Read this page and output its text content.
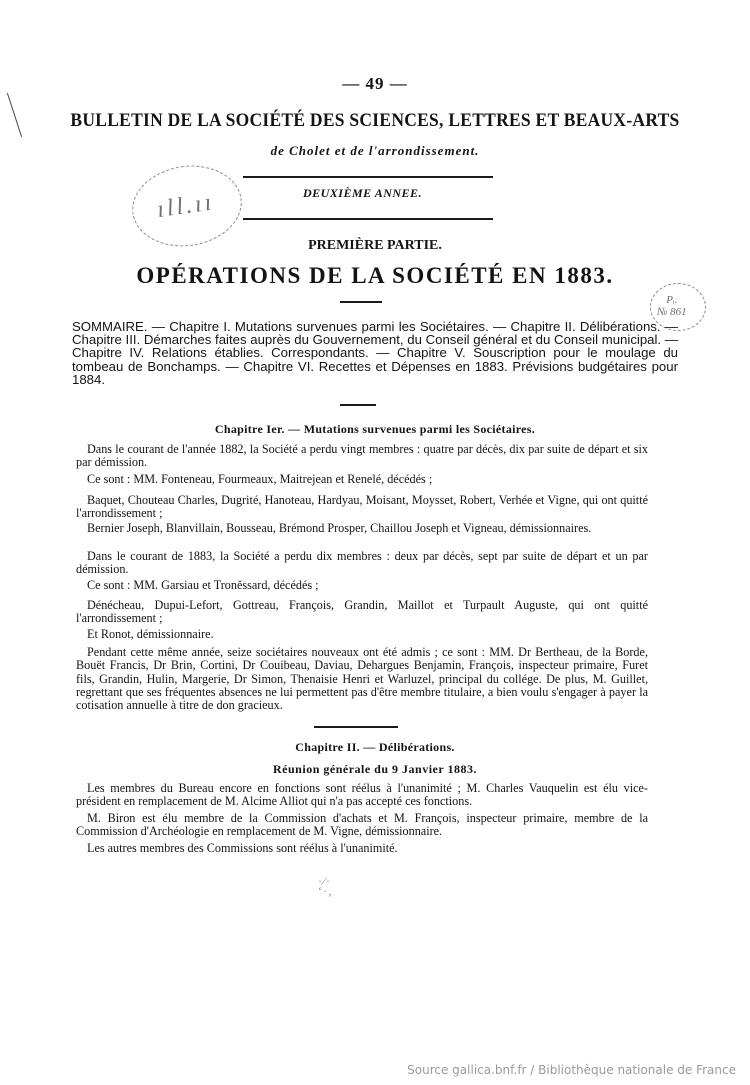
ıll.ıı
Pᵢ.
№ 861
— 49 —
BULLETIN DE LA SOCIÉTÉ DES SCIENCES, LETTRES ET BEAUX-ARTS
de Cholet et de l'arrondissement.
DEUXIÈME ANNEE.
PREMIÈRE PARTIE.
OPÉRATIONS DE LA SOCIÉTÉ EN 1883.
SOMMAIRE. — Chapitre I. Mutations survenues parmi les Sociétaires. — Chapitre II. Délibérations. — Chapitre III. Démarches faites auprès du Gouvernement, du Conseil général et du Conseil municipal. — Chapitre IV. Relations établies. Correspondants. — Chapitre V. Souscription pour le moulage du tombeau de Bonchamps. — Chapitre VI. Recettes et Dépenses en 1883. Prévisions budgétaires pour 1884.
Chapitre Ier. — Mutations survenues parmi les Sociétaires.
Dans le courant de l'année 1882, la Société a perdu vingt membres : quatre par décès, dix par suite de départ et six par démission.
Ce sont : MM. Fonteneau, Fourmeaux, Maitrejean et Renelé, décédés ;
Baquet, Chouteau Charles, Dugrité, Hanoteau, Hardyau, Moisant, Moysset, Robert, Verhée et Vigne, qui ont quitté l'arrondissement ;
Bernier Joseph, Blanvillain, Bousseau, Brémond Prosper, Chaillou Joseph et Vigneau, démissionnaires.
Dans le courant de 1883, la Société a perdu dix membres : deux par décès, sept par suite de départ et un par démission.
Ce sont : MM. Garsiau et Troněssard, décédés ;
Dénécheau, Dupui-Lefort, Gottreau, François, Grandin, Maillot et Turpault Auguste, qui ont quitté l'arrondissement ;
Et Ronot, démissionnaire.
Pendant cette même année, seize sociétaires nouveaux ont été admis ; ce sont : MM. Dr Bertheau, de la Borde, Bouët Francis, Dr Brin, Cortini, Dr Couibeau, Daviau, Dehargues Benjamin, François, inspecteur primaire, Furet fils, Grandin, Hulin, Margerie, Dr Simon, Thenaisie Henri et Warluzel, principal du collége. De plus, M. Guillet, regrettant que ses fréquentes absences ne lui permettent pas d'être membre titulaire, a bien voulu s'engager à payer la cotisation annuelle à titre de don gracieux.
Chapitre II. — Délibérations.
Réunion générale du 9 Janvier 1883.
Les membres du Bureau encore en fonctions sont réélus à l'unanimité ; M. Charles Vauquelin est élu vice-président en remplacement de M. Alcime Alliot qui n'a pas accepté ces fonctions.
M. Biron est élu membre de la Commission d'achats et M. François, inspecteur primaire, membre de la Commission d'Archéologie en remplacement de M. Vigne, démissionnaire.
Les autres membres des Commissions sont réélus à l'unanimité.
·⁄·
ʻ·‚
Source gallica.bnf.fr / Bibliothèque nationale de France
